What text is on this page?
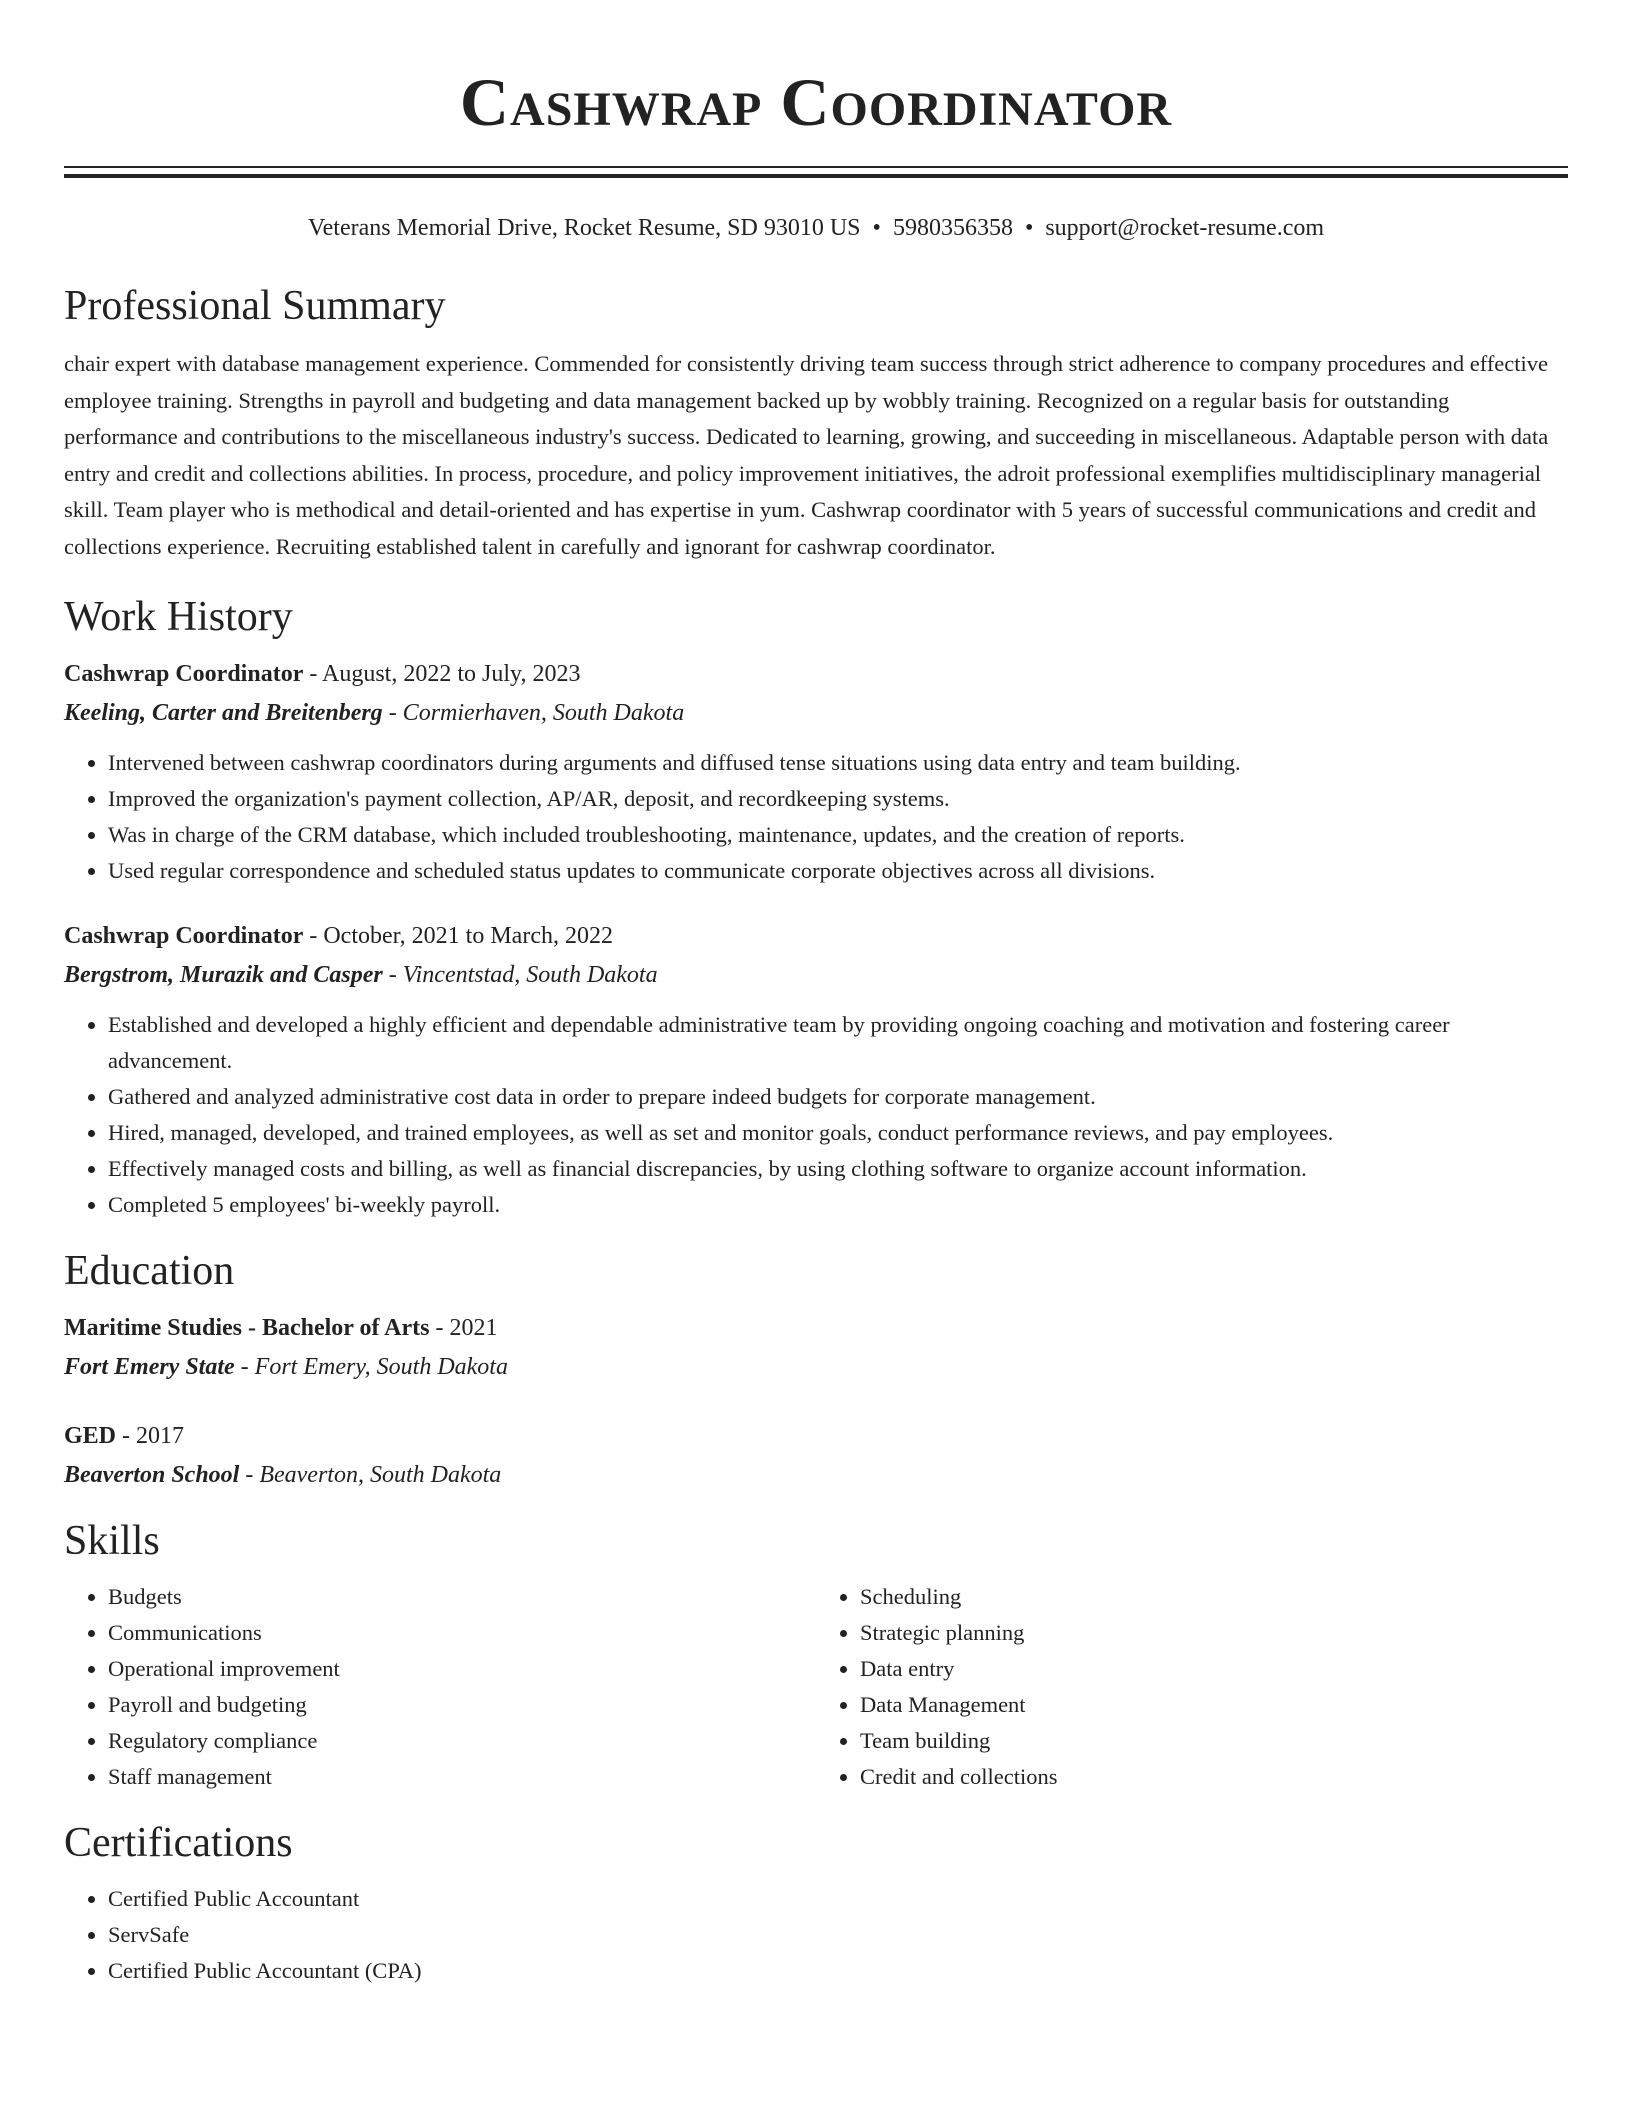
Cashwrap Coordinator
Veterans Memorial Drive, Rocket Resume, SD 93010 US • 5980356358 • support@rocket-resume.com
Professional Summary

chair expert with database management experience. Commended for consistently driving team success through strict adherence to company procedures and effective employee training. Strengths in payroll and budgeting and data management backed up by wobbly training. Recognized on a regular basis for outstanding performance and contributions to the miscellaneous industry's success. Dedicated to learning, growing, and succeeding in miscellaneous. Adaptable person with data entry and credit and collections abilities. In process, procedure, and policy improvement initiatives, the adroit professional exemplifies multidisciplinary managerial skill. Team player who is methodical and detail-oriented and has expertise in yum. Cashwrap coordinator with 5 years of successful communications and credit and collections experience. Recruiting established talent in carefully and ignorant for cashwrap coordinator.

Work History
Cashwrap Coordinator - August, 2022 to July, 2023
Keeling, Carter and Breitenberg - Cormierhaven, South Dakota
• Intervened between cashwrap coordinators during arguments and diffused tense situations using data entry and team building.
• Improved the organization's payment collection, AP/AR, deposit, and recordkeeping systems.
• Was in charge of the CRM database, which included troubleshooting, maintenance, updates, and the creation of reports.
• Used regular correspondence and scheduled status updates to communicate corporate objectives across all divisions.
Cashwrap Coordinator - October, 2021 to March, 2022
Bergstrom, Murazik and Casper - Vincentstad, South Dakota
• Established and developed a highly efficient and dependable administrative team by providing ongoing coaching and motivation and fostering career advancement.
• Gathered and analyzed administrative cost data in order to prepare indeed budgets for corporate management.
• Hired, managed, developed, and trained employees, as well as set and monitor goals, conduct performance reviews, and pay employees.
• Effectively managed costs and billing, as well as financial discrepancies, by using clothing software to organize account information.
• Completed 5 employees' bi-weekly payroll.
Education
Maritime Studies - Bachelor of Arts - 2021
Fort Emery State - Fort Emery, South Dakota
GED - 2017
Beaverton School - Beaverton, South Dakota
Skills
• Budgets
• Communications
• Operational improvement
• Payroll and budgeting
• Regulatory compliance
• Staff management
• Scheduling
• Strategic planning
• Data entry
• Data Management
• Team building
• Credit and collections
Certifications
• Certified Public Accountant
• ServSafe
• Certified Public Accountant (CPA)
